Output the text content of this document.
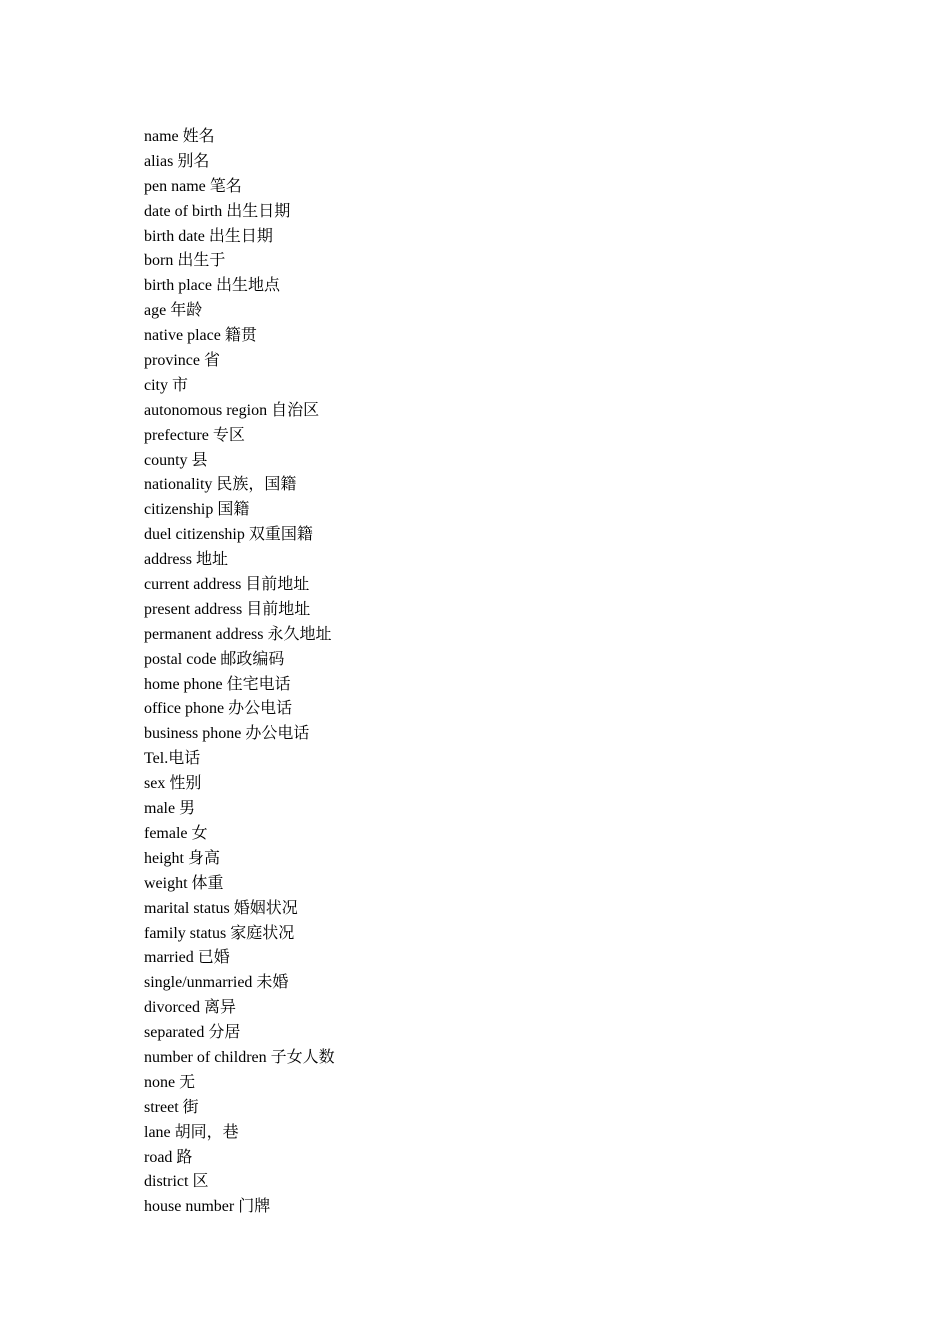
name 姓名
alias 别名
pen name 笔名
date of birth 出生日期
birth date 出生日期
born 出生于
birth place 出生地点
age 年龄
native place 籍贯
province 省
city 市
autonomous region 自治区
prefecture 专区
county 县
nationality 民族，国籍
citizenship 国籍
duel citizenship 双重国籍
address 地址
current address 目前地址
present address 目前地址
permanent address 永久地址
postal code 邮政编码
home phone 住宅电话
office phone 办公电话
business phone 办公电话
Tel.电话
sex 性别
male 男
female 女
height 身高
weight 体重
marital status 婚姻状况
family status 家庭状况
married 已婚
single/unmarried 未婚
divorced 离异
separated 分居
number of children 子女人数
none 无
street 街
lane 胡同，巷
road 路
district 区
house number 门牌
